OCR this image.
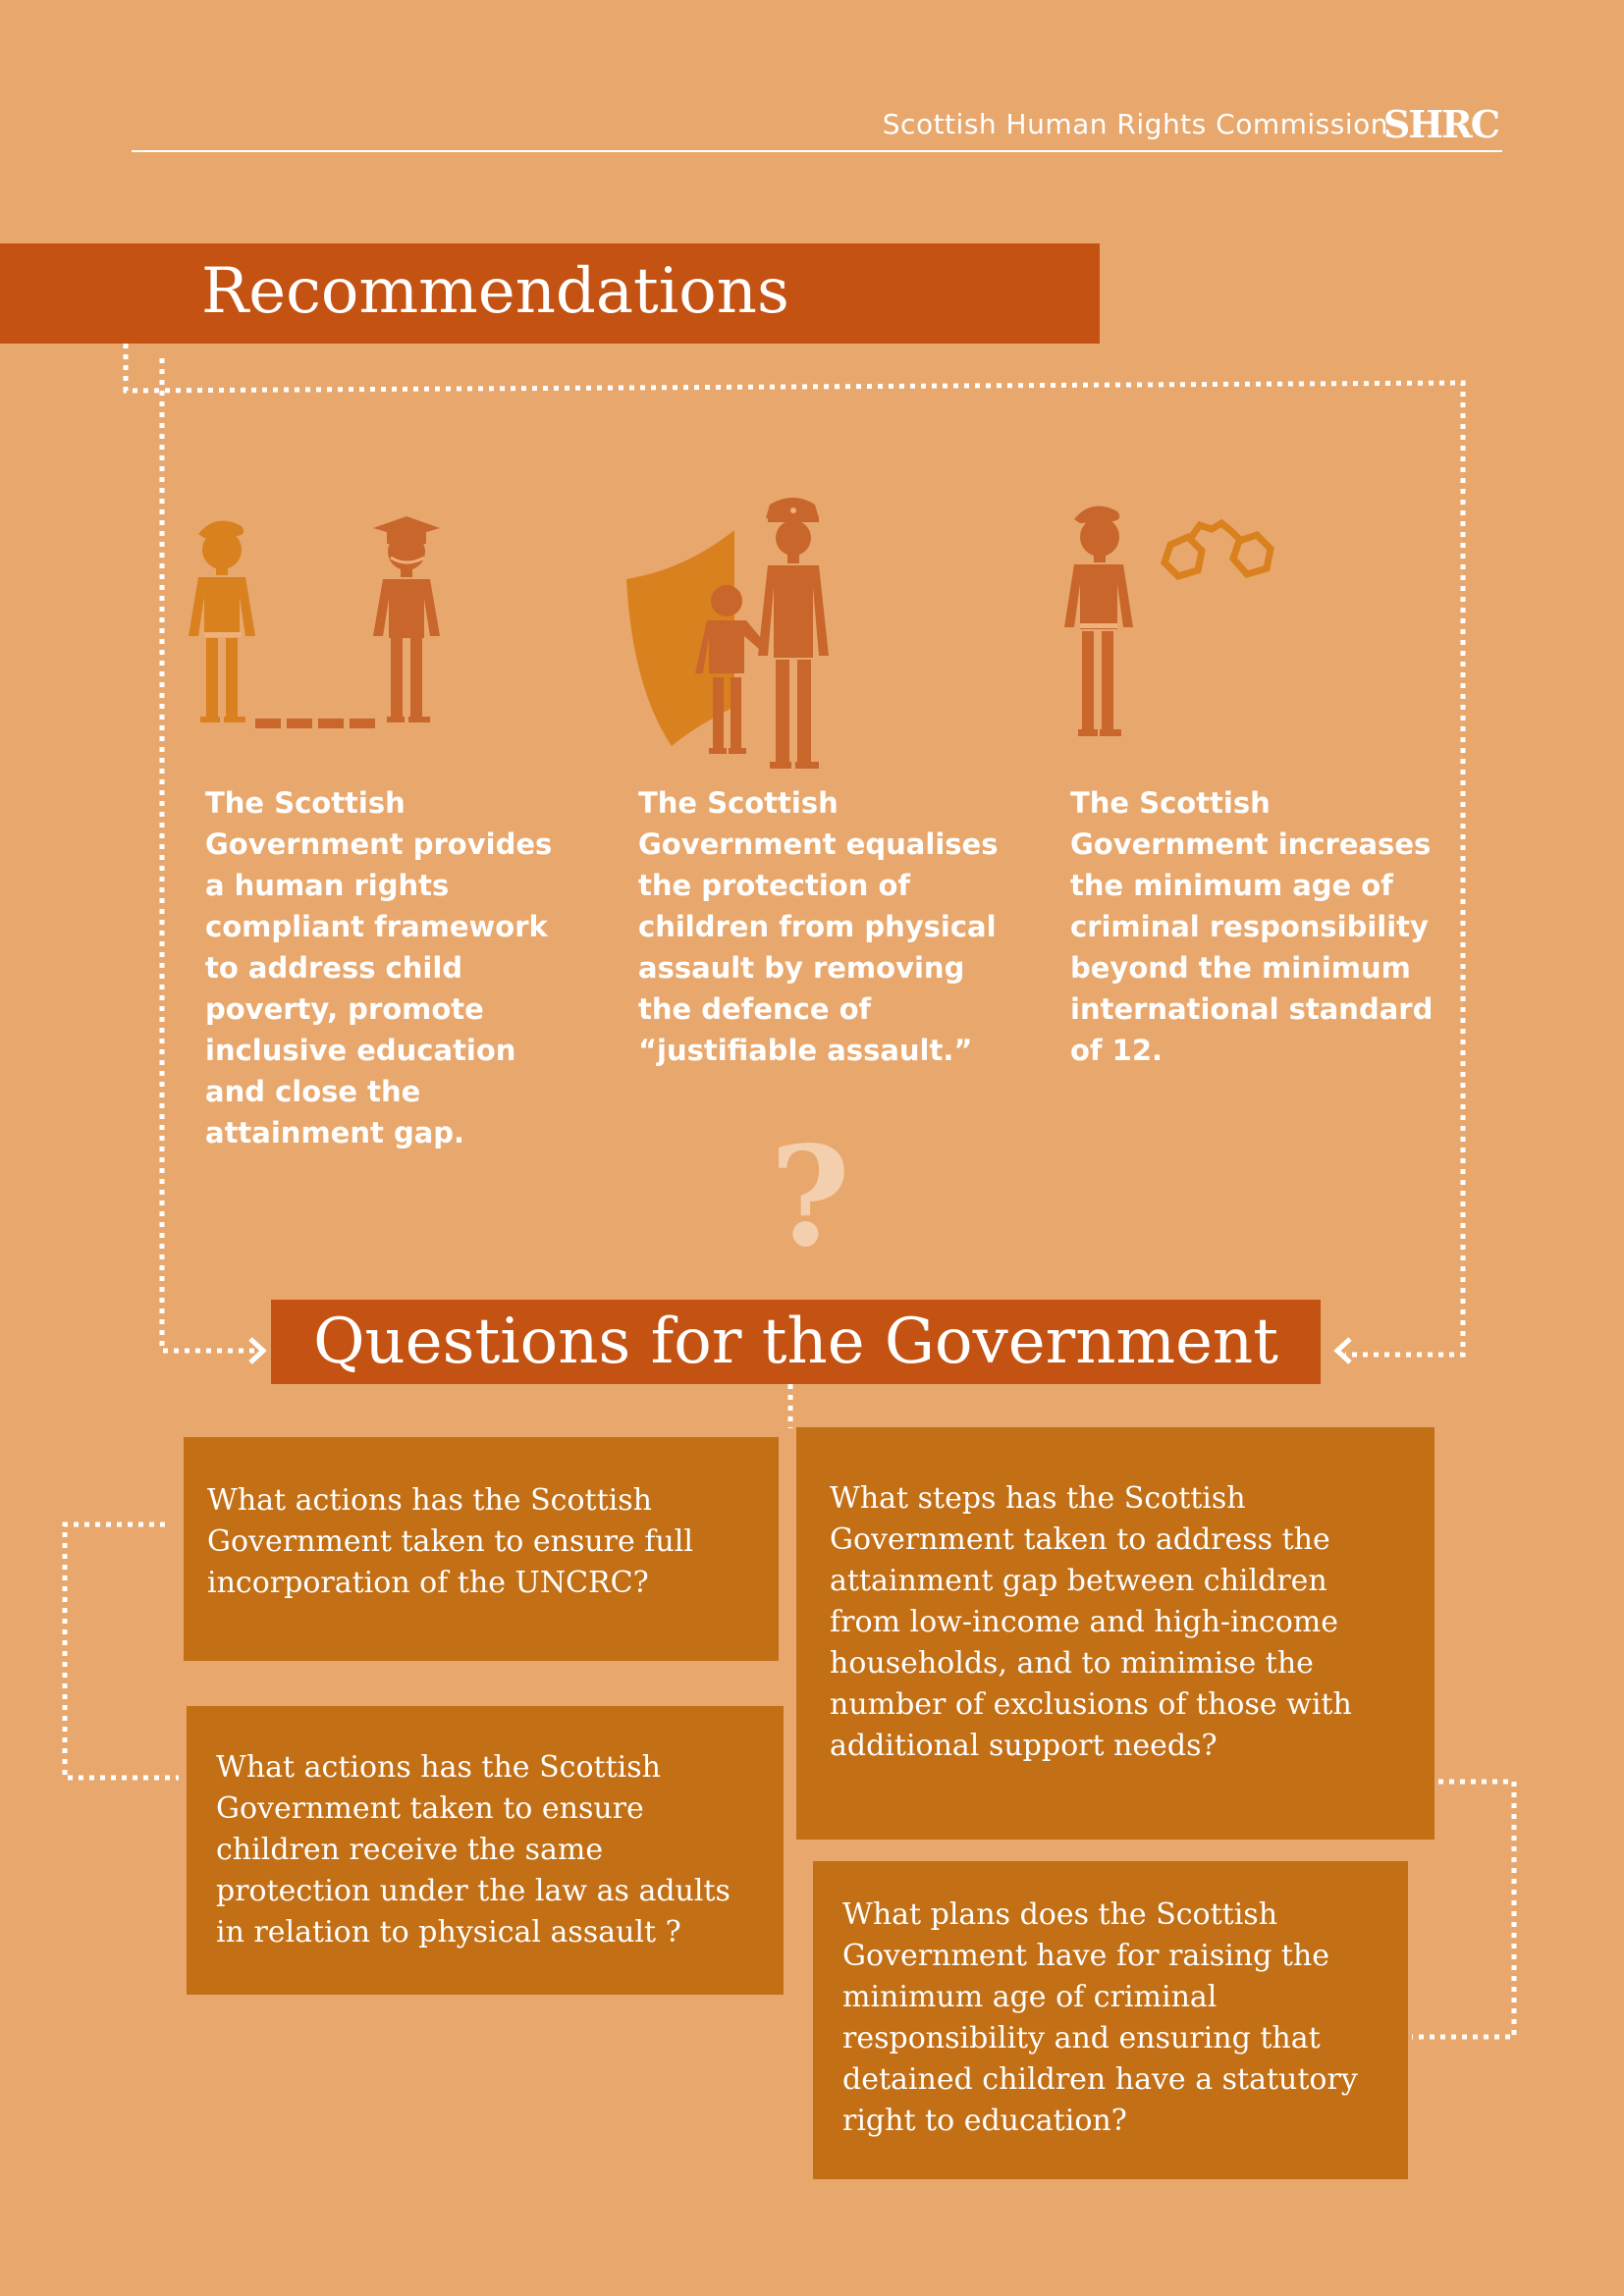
Scottish Human Rights Commission
SHRC
Recommendations
The Scottish Government provides a human rights compliant framework to address child poverty, promote inclusive education and close the attainment gap.
The Scottish Government equalises the protection of children from physical assault by removing the defence of “justifiable assault.”
The Scottish Government increases the minimum age of criminal responsibility beyond the minimum international standard of 12.
?
Questions for the Government
What actions has the Scottish Government taken to ensure full incorporation of the UNCRC?
What actions has the Scottish Government taken to ensure children receive the same protection under the law as adults in relation to physical assault ?
What steps has the Scottish Government taken to address the attainment gap between children from low-income and high-income households, and to minimise the number of exclusions of those with additional support needs?
What plans does the Scottish Government have for raising the minimum age of criminal responsibility and ensuring that detained children have a statutory right to education?
